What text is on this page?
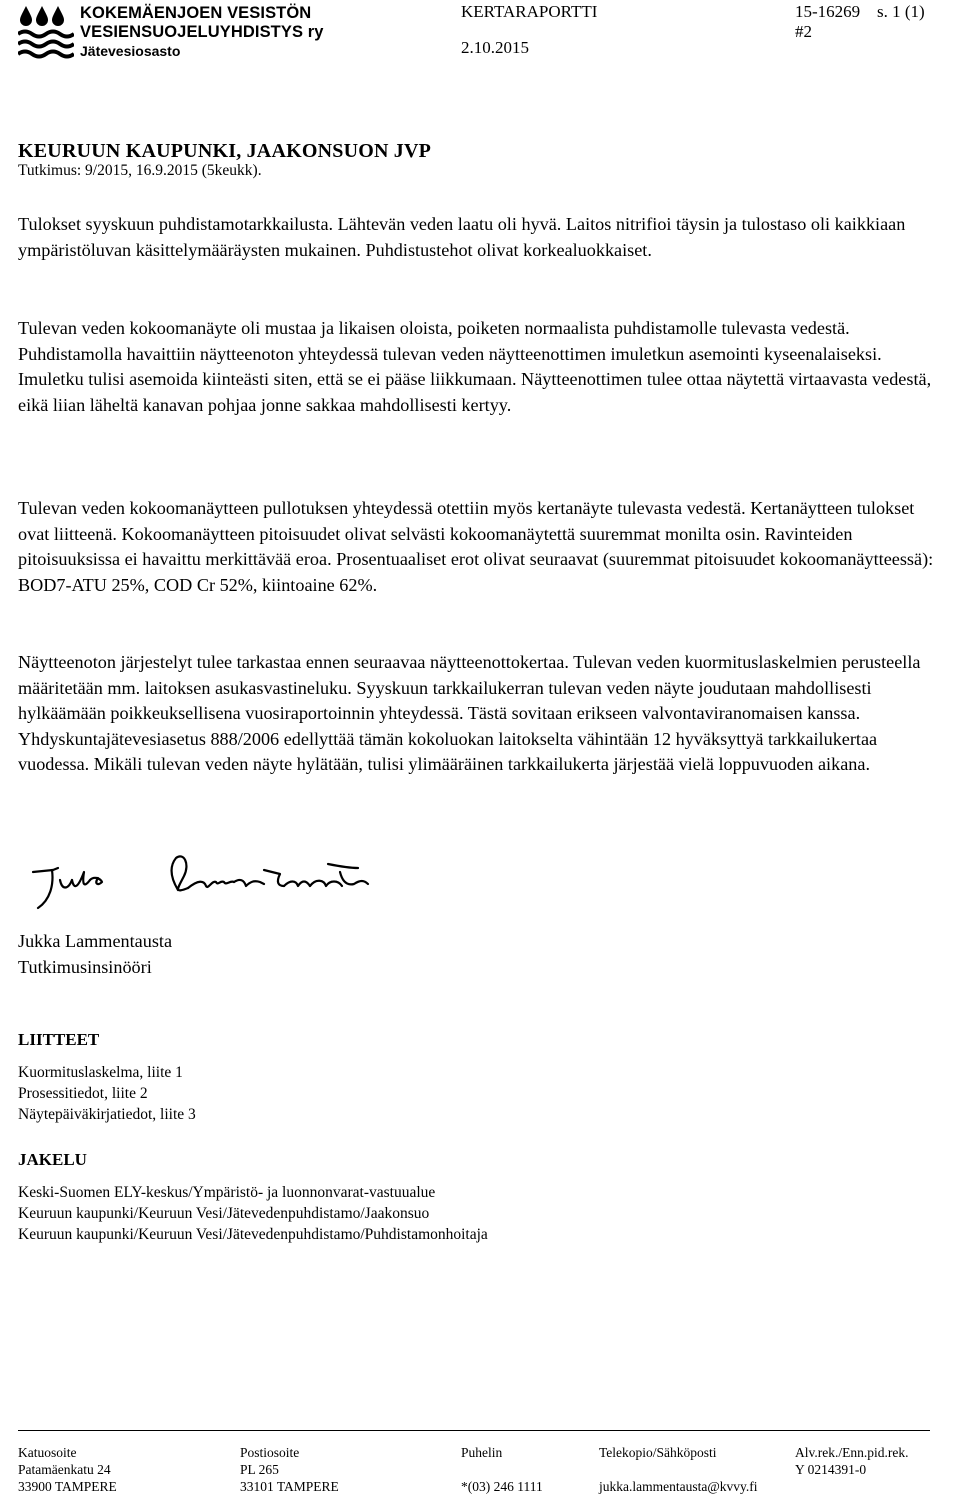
KOKEMÄENJOEN VESISTÖN
VESIENSUOJELUYHDISTYS ry
Jätevesiosasto
KERTARAPORTTI
2.10.2015
15-16269
#2
s. 1 (1)
KEURUUN KAUPUNKI, JAAKONSUON JVP
Tutkimus: 9/2015, 16.9.2015 (5keukk).

Tulokset syyskuun puhdistamotarkkailusta. Lähtevän veden laatu oli hyvä. Laitos nitrifioi täysin ja tulostaso oli kaikkiaan ympäristöluvan käsittelymääräysten mukainen. Puhdistustehot olivat korkealuokkaiset.

Tulevan veden kokoomanäyte oli mustaa ja likaisen oloista, poiketen normaalista puhdistamolle tulevasta vedestä. Puhdistamolla havaittiin näytteenoton yhteydessä tulevan veden näytteenottimen imuletkun asemointi kyseenalaiseksi. Imuletku tulisi asemoida kiinteästi siten, että se ei pääse liikkumaan. Näytteenottimen tulee ottaa näytettä virtaavasta vedestä, eikä liian läheltä kanavan pohjaa jonne sakkaa mahdollisesti kertyy.

Tulevan veden kokoomanäytteen pullotuksen yhteydessä otettiin myös kertanäyte tulevasta vedestä. Kertanäytteen tulokset ovat liitteenä. Kokoomanäytteen pitoisuudet olivat selvästi kokoomanäytettä suuremmat monilta osin. Ravinteiden pitoisuuksissa ei havaittu merkittävää eroa. Prosentuaaliset erot olivat seuraavat (suuremmat pitoisuudet kokoomanäytteessä): BOD7-ATU 25%, COD Cr 52%, kiintoaine 62%.

Näytteenoton järjestelyt tulee tarkastaa ennen seuraavaa näytteenottokertaa. Tulevan veden kuormituslaskelmien perusteella määritetään mm. laitoksen asukasvastineluku. Syyskuun tarkkailukerran tulevan veden näyte joudutaan mahdollisesti hylkäämään poikkeuksellisena vuosiraportoinnin yhteydessä. Tästä sovitaan erikseen valvontaviranomaisen kanssa. Yhdyskuntajätevesiasetus 888/2006 edellyttää tämän kokoluokan laitokselta vähintään 12 hyväksyttyä tarkkailukertaa vuodessa. Mikäli tulevan veden näyte hylätään, tulisi ylimääräinen tarkkailukerta järjestää vielä loppuvuoden aikana.

Jukka Lammentausta
Tutkimusinsinööri
LIITTEET
Kuormituslaskelma, liite 1
Prosessitiedot, liite 2
Näytepäiväkirjatiedot, liite 3
JAKELU
Keski-Suomen ELY-keskus/Ympäristö- ja luonnonvarat-vastuualue
Keuruun kaupunki/Keuruun Vesi/Jätevedenpuhdistamo/Jaakonsuo
Keuruun kaupunki/Keuruun Vesi/Jätevedenpuhdistamo/Puhdistamonhoitaja
Katuosoite
Patamäenkatu 24
33900 TAMPERE
Postiosoite
PL 265
33101 TAMPERE
Puhelin

*(03) 246 1111
Telekopio/Sähköposti

jukka.lammentausta@kvvy.fi
Alv.rek./Enn.pid.rek.
Y 0214391-0
